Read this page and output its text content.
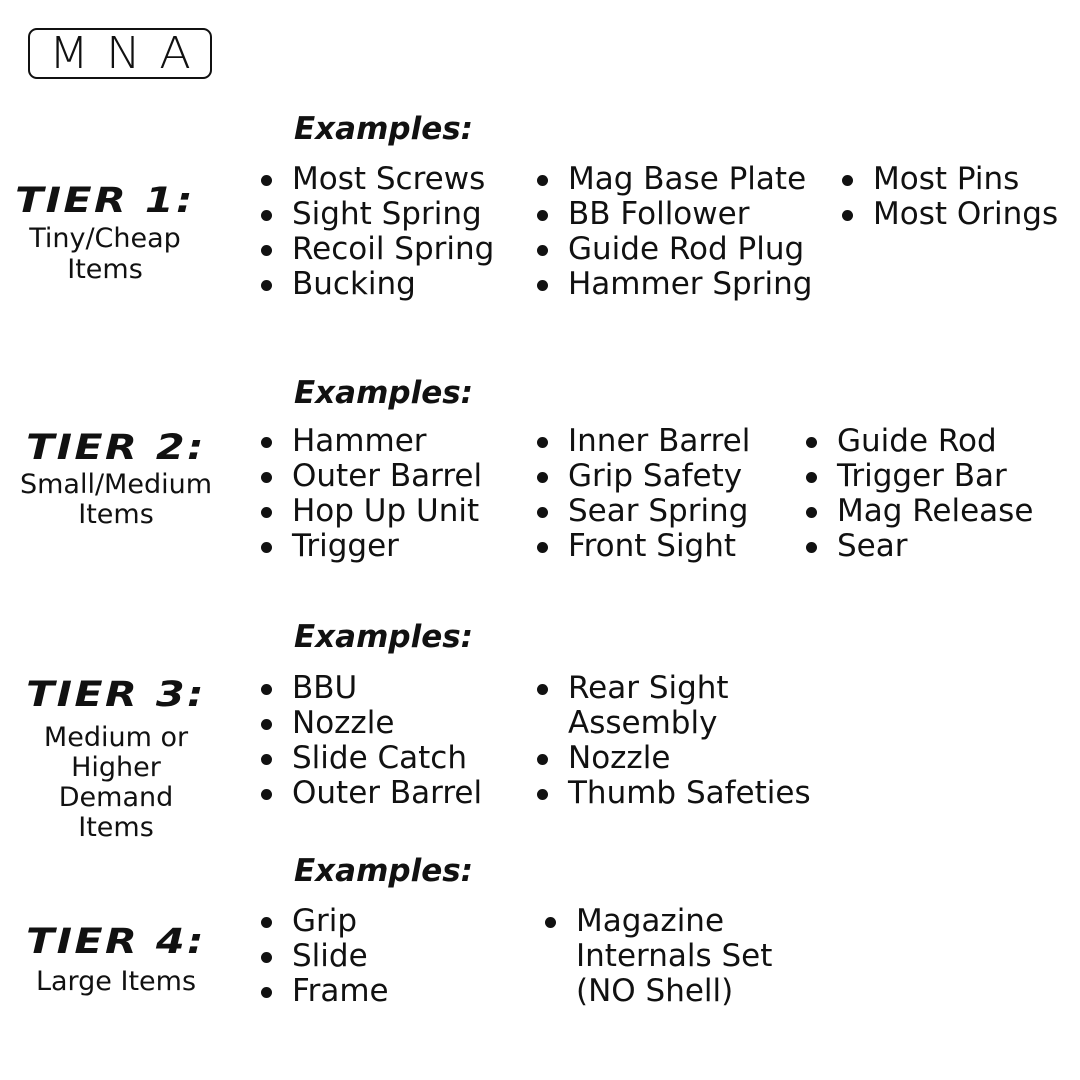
M N A
Examples:
TIER 1:
Tiny/Cheap
Items
Most Screws
Sight Spring
Recoil Spring
Bucking
Mag Base Plate
BB Follower
Guide Rod Plug
Hammer Spring
Most Pins
Most Orings
Examples:
TIER 2:
Small/Medium
Items
Hammer
Outer Barrel
Hop Up Unit
Trigger
Inner Barrel
Grip Safety
Sear Spring
Front Sight
Guide Rod
Trigger Bar
Mag Release
Sear
Examples:
TIER 3:
Medium or
Higher
Demand
Items
BBU
Nozzle
Slide Catch
Outer Barrel
Rear Sight
Assembly
Nozzle
Thumb Safeties
Examples:
TIER 4:
Large Items
Grip
Slide
Frame
Magazine
Internals Set
(NO Shell)
